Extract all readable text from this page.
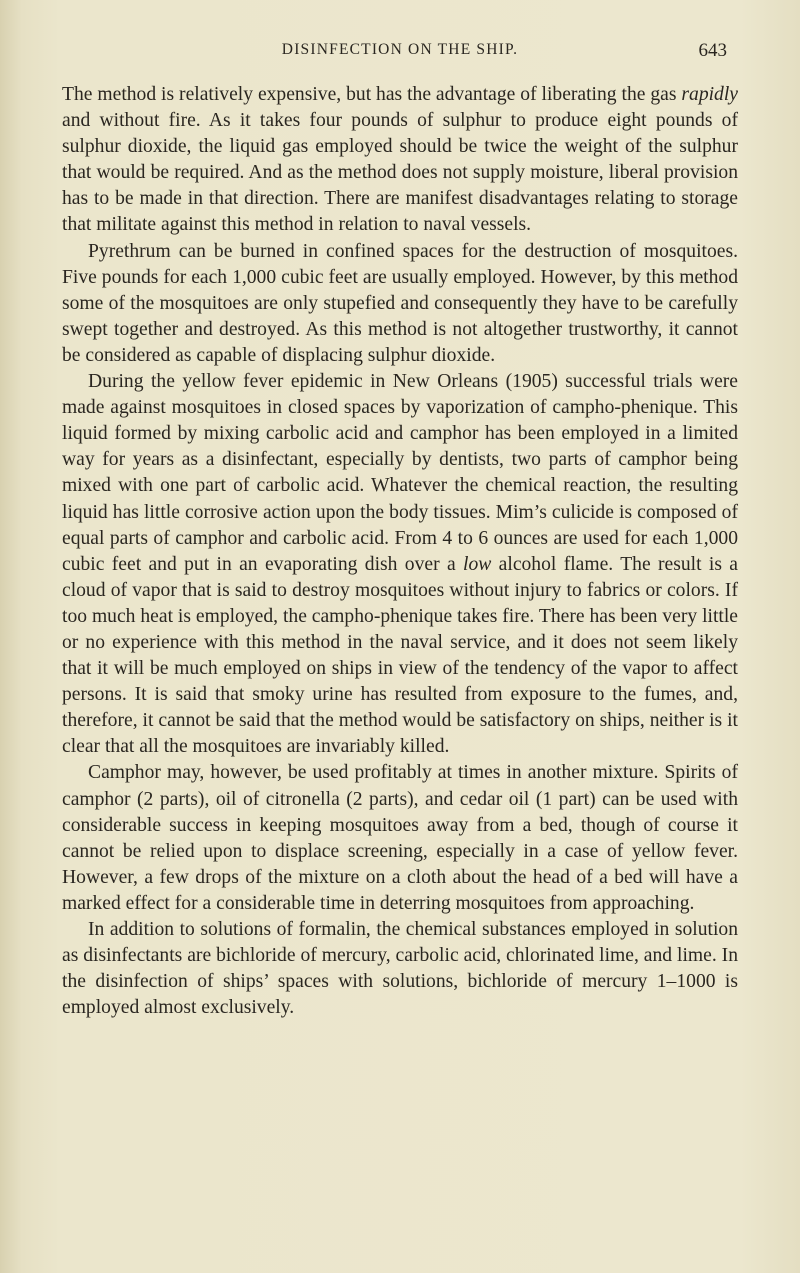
DISINFECTION ON THE SHIP.	643

The method is relatively expensive, but has the advantage of liberating the gas rapidly and without fire. As it takes four pounds of sulphur to produce eight pounds of sulphur dioxide, the liquid gas employed should be twice the weight of the sulphur that would be required. And as the method does not supply moisture, liberal provision has to be made in that direction. There are manifest disadvantages relating to storage that militate against this method in relation to naval vessels.

Pyrethrum can be burned in confined spaces for the destruction of mosquitoes. Five pounds for each 1,000 cubic feet are usually employed. However, by this method some of the mosquitoes are only stupefied and consequently they have to be carefully swept together and destroyed. As this method is not altogether trustworthy, it cannot be considered as capable of displacing sulphur dioxide.

During the yellow fever epidemic in New Orleans (1905) successful trials were made against mosquitoes in closed spaces by vaporization of campho-phenique. This liquid formed by mixing carbolic acid and camphor has been employed in a limited way for years as a disinfectant, especially by dentists, two parts of camphor being mixed with one part of carbolic acid. Whatever the chemical reaction, the resulting liquid has little corrosive action upon the body tissues. Mim’s culicide is composed of equal parts of camphor and carbolic acid. From 4 to 6 ounces are used for each 1,000 cubic feet and put in an evaporating dish over a low alcohol flame. The result is a cloud of vapor that is said to destroy mosquitoes without injury to fabrics or colors. If too much heat is employed, the campho-phenique takes fire. There has been very little or no experience with this method in the naval service, and it does not seem likely that it will be much employed on ships in view of the tendency of the vapor to affect persons. It is said that smoky urine has resulted from exposure to the fumes, and, therefore, it cannot be said that the method would be satisfactory on ships, neither is it clear that all the mosquitoes are invariably killed.

Camphor may, however, be used profitably at times in another mixture. Spirits of camphor (2 parts), oil of citronella (2 parts), and cedar oil (1 part) can be used with considerable success in keeping mosquitoes away from a bed, though of course it cannot be relied upon to displace screening, especially in a case of yellow fever. However, a few drops of the mixture on a cloth about the head of a bed will have a marked effect for a considerable time in deterring mosquitoes from approaching.

In addition to solutions of formalin, the chemical substances employed in solution as disinfectants are bichloride of mercury, carbolic acid, chlorinated lime, and lime. In the disinfection of ships’ spaces with solutions, bichloride of mercury 1–1000 is employed almost exclusively.
